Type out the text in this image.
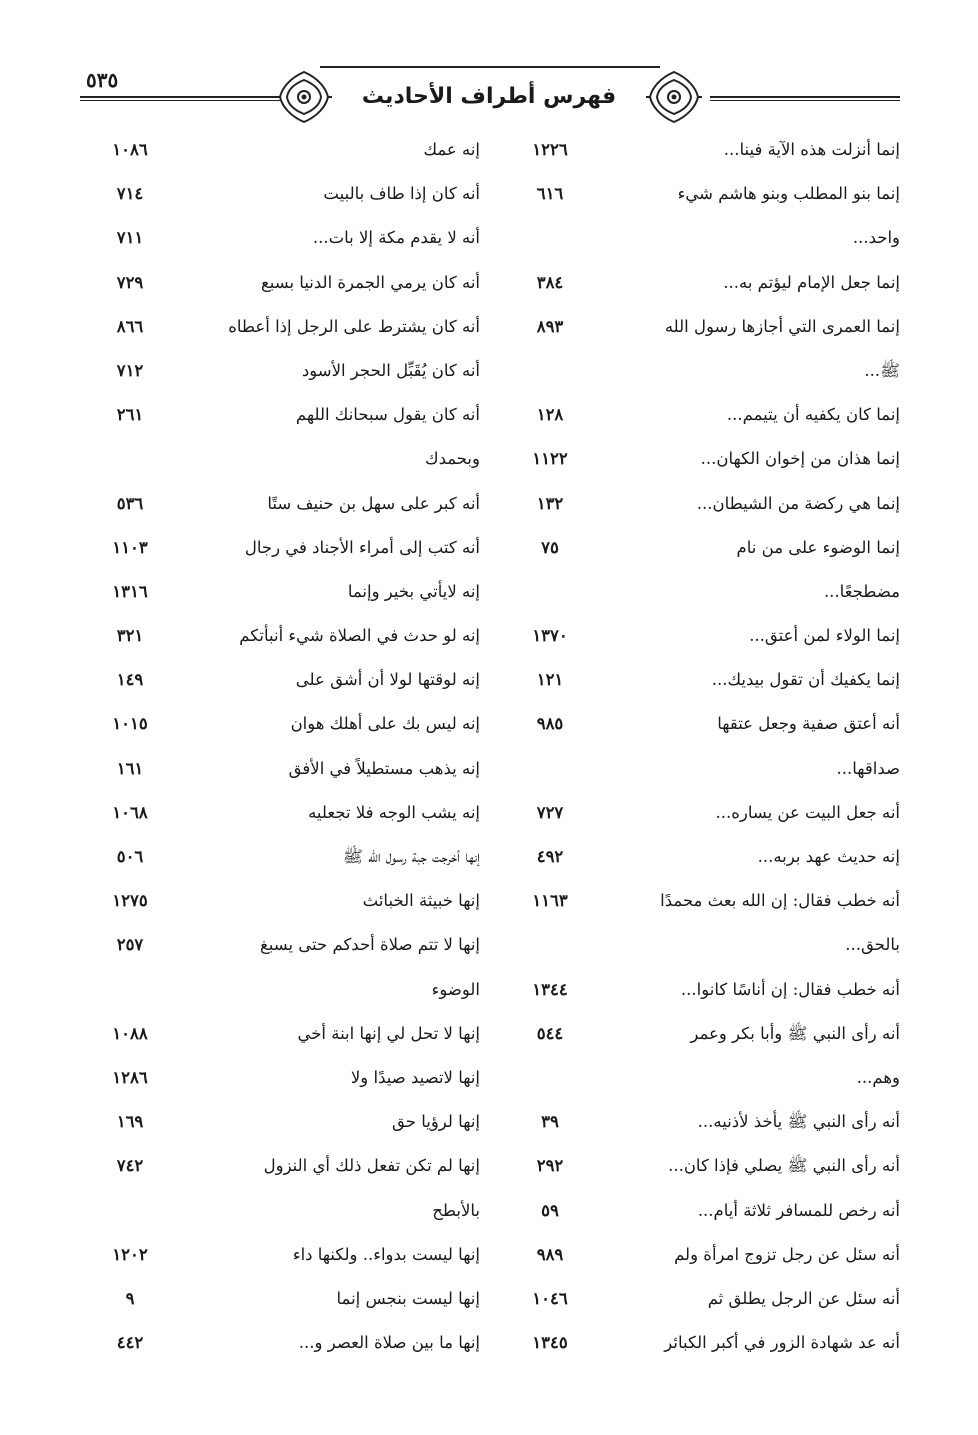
فهرس أطراف الأحاديث
٥٣٥
إنما أنزلت هذه الآية فينا...
١٢٢٦
إنما بنو المطلب وبنو هاشم شيء
٦١٦
واحد...
إنما جعل الإمام ليؤتم به...
٣٨٤
إنما العمرى التي أجازها رسول الله
٨٩٣
ﷺ...
إنما كان يكفيه أن يتيمم...
١٢٨
إنما هذان من إخوان الكهان...
١١٢٢
إنما هي ركضة من الشيطان...
١٣٢
إنما الوضوء على من نام
٧٥
مضطجعًا...
إنما الولاء لمن أعتق...
١٣٧٠
إنما يكفيك أن تقول بيديك...
١٢١
أنه أعتق صفية وجعل عتقها
٩٨٥
صداقها...
أنه جعل البيت عن يساره...
٧٢٧
إنه حديث عهد بربه...
٤٩٢
أنه خطب فقال: إن الله بعث محمدًا
١١٦٣
بالحق...
أنه خطب فقال: إن أناسًا كانوا...
١٣٤٤
أنه رأى النبي ﷺ وأبا بكر وعمر
٥٤٤
وهم...
أنه رأى النبي ﷺ يأخذ لأذنيه...
٣٩
أنه رأى النبي ﷺ يصلي فإذا كان...
٢٩٢
أنه رخص للمسافر ثلاثة أيام...
٥٩
أنه سئل عن رجل تزوج امرأة ولم
٩٨٩
أنه سئل عن الرجل يطلق ثم
١٠٤٦
أنه عد شهادة الزور في أكبر الكبائر
١٣٤٥
إنه عمك
١٠٨٦
أنه كان إذا طاف بالبيت
٧١٤
أنه لا يقدم مكة إلا بات...
٧١١
أنه كان يرمي الجمرة الدنيا بسبع
٧٢٩
أنه كان يشترط على الرجل إذا أعطاه
٨٦٦
أنه كان يُقَبِّل الحجر الأسود
٧١٢
أنه كان يقول سبحانك اللهم
٢٦١
وبحمدك
أنه كبر على سهل بن حنيف ستًا
٥٣٦
أنه كتب إلى أمراء الأجناد في رجال
١١٠٣
إنه لايأتي بخير وإنما
١٣١٦
إنه لو حدث في الصلاة شيء أنبأتكم
٣٢١
إنه لوقتها لولا أن أشق على
١٤٩
إنه ليس بك على أهلك هوان
١٠١٥
إنه يذهب مستطيلاً في الأفق
١٦١
إنه يشب الوجه فلا تجعليه
١٠٦٨
إنها أخرجت جبة رسول الله ﷺ
٥٠٦
إنها خبيثة الخبائث
١٢٧٥
إنها لا تتم صلاة أحدكم حتى يسبغ
٢٥٧
الوضوء
إنها لا تحل لي إنها ابنة أخي
١٠٨٨
إنها لاتصيد صيدًا ولا
١٢٨٦
إنها لرؤيا حق
١٦٩
إنها لم تكن تفعل ذلك أي النزول
٧٤٢
بالأبطح
إنها ليست بدواء.. ولكنها داء
١٢٠٢
إنها ليست بنجس إنما
٩
إنها ما بين صلاة العصر و...
٤٤٢
